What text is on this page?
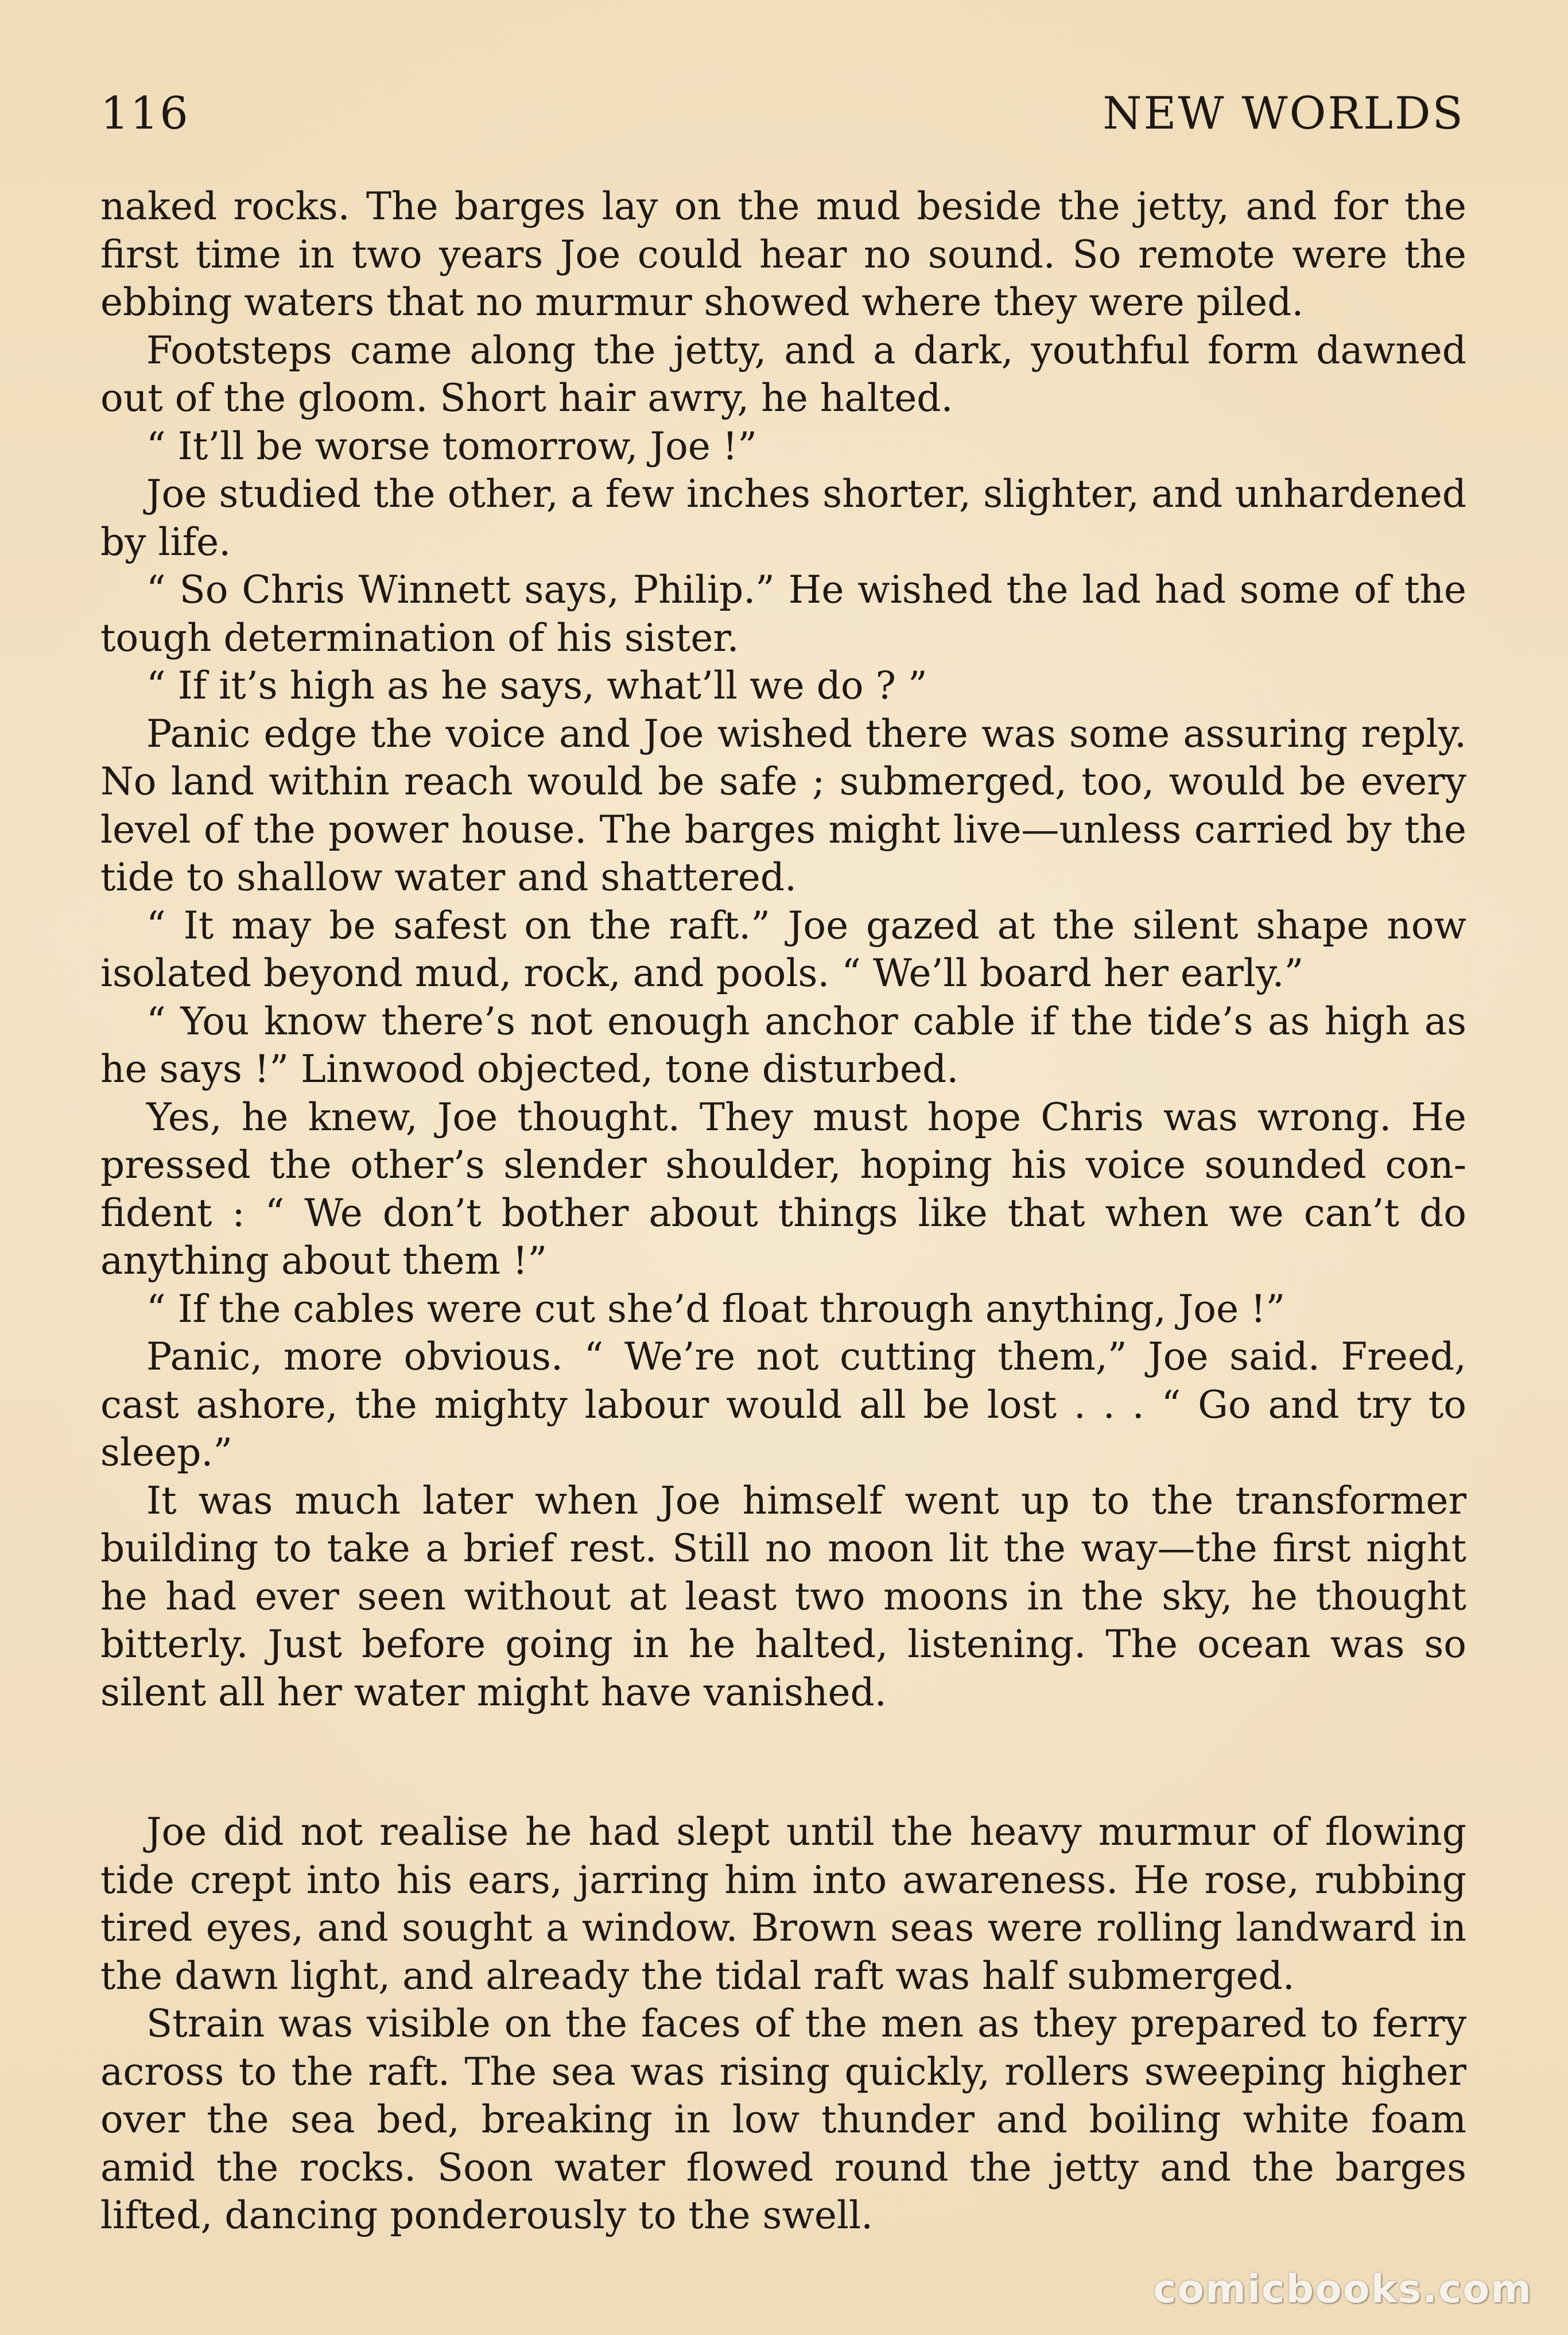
116	NEW WORLDS

naked rocks. The barges lay on the mud beside the jetty, and for the first time in two years Joe could hear no sound. So remote were the ebbing waters that no murmur showed where they were piled.

Footsteps came along the jetty, and a dark, youthful form dawned out of the gloom. Short hair awry, he halted.

“ It’ll be worse tomorrow, Joe !”

Joe studied the other, a few inches shorter, slighter, and unhardened by life.

“ So Chris Winnett says, Philip.” He wished the lad had some of the tough determination of his sister.

“ If it’s high as he says, what’ll we do ? ”

Panic edge the voice and Joe wished there was some assuring reply. No land within reach would be safe ; submerged, too, would be every level of the power house. The barges might live—unless carried by the tide to shallow water and shattered.

“ It may be safest on the raft.” Joe gazed at the silent shape now isolated beyond mud, rock, and pools. “ We’ll board her early.”

“ You know there’s not enough anchor cable if the tide’s as high as he says !” Linwood objected, tone disturbed.

Yes, he knew, Joe thought. They must hope Chris was wrong. He pressed the other’s slender shoulder, hoping his voice sounded confident : “ We don’t bother about things like that when we can’t do anything about them !”

“ If the cables were cut she’d float through anything, Joe !”

Panic, more obvious. “ We’re not cutting them,” Joe said. Freed, cast ashore, the mighty labour would all be lost . . . “ Go and try to sleep.”

It was much later when Joe himself went up to the transformer building to take a brief rest. Still no moon lit the way—the first night he had ever seen without at least two moons in the sky, he thought bitterly. Just before going in he halted, listening. The ocean was so silent all her water might have vanished.

Joe did not realise he had slept until the heavy murmur of flowing tide crept into his ears, jarring him into awareness. He rose, rubbing tired eyes, and sought a window. Brown seas were rolling landward in the dawn light, and already the tidal raft was half submerged.

Strain was visible on the faces of the men as they prepared to ferry across to the raft. The sea was rising quickly, rollers sweeping higher over the sea bed, breaking in low thunder and boiling white foam amid the rocks. Soon water flowed round the jetty and the barges lifted, dancing ponderously to the swell.

comicbooks.com
